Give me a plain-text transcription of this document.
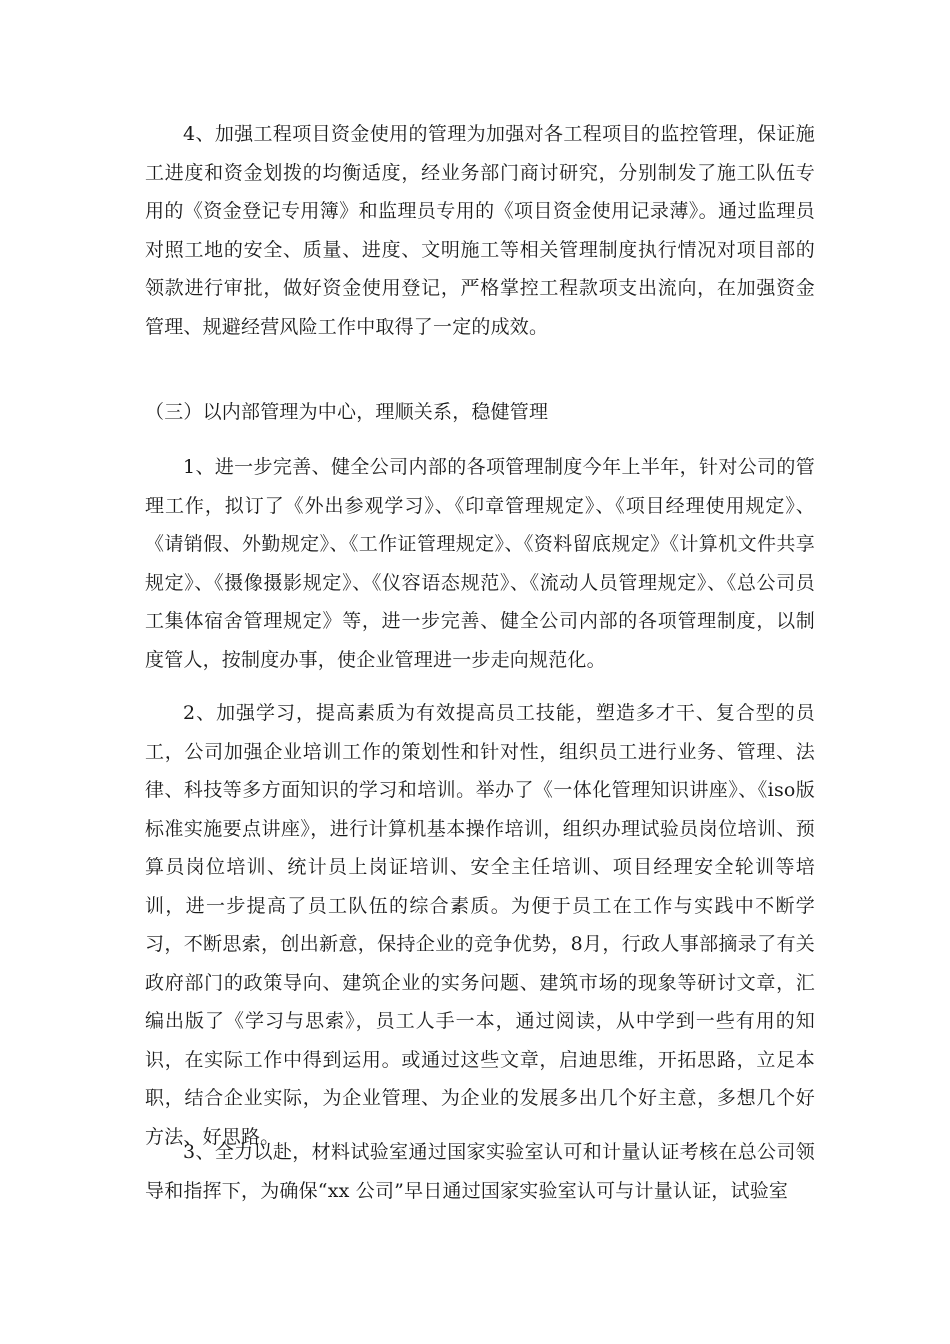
4、加强工程项目资金使用的管理为加强对各工程项目的监控管理，保证施工进度和资金划拨的均衡适度，经业务部门商讨研究，分别制发了施工队伍专用的《资金登记专用簿》和监理员专用的《项目资金使用记录薄》。通过监理员对照工地的安全、质量、进度、文明施工等相关管理制度执行情况对项目部的领款进行审批，做好资金使用登记，严格掌控工程款项支出流向，在加强资金管理、规避经营风险工作中取得了一定的成效。

（三）以内部管理为中心，理顺关系，稳健管理

1、进一步完善、健全公司内部的各项管理制度今年上半年，针对公司的管理工作，拟订了《外出参观学习》、《印章管理规定》、《项目经理使用规定》、《请销假、外勤规定》、《工作证管理规定》、《资料留底规定》《计算机文件共享规定》、《摄像摄影规定》、《仪容语态规范》、《流动人员管理规定》、《总公司员工集体宿舍管理规定》等，进一步完善、健全公司内部的各项管理制度，以制度管人，按制度办事，使企业管理进一步走向规范化。

2、加强学习，提高素质为有效提高员工技能，塑造多才干、复合型的员工，公司加强企业培训工作的策划性和针对性，组织员工进行业务、管理、法律、科技等多方面知识的学习和培训。举办了《一体化管理知识讲座》、《iso版标准实施要点讲座》，进行计算机基本操作培训，组织办理试验员岗位培训、预算员岗位培训、统计员上岗证培训、安全主任培训、项目经理安全轮训等培训，进一步提高了员工队伍的综合素质。为便于员工在工作与实践中不断学习，不断思索，创出新意，保持企业的竞争优势，8月，行政人事部摘录了有关政府部门的政策导向、建筑企业的实务问题、建筑市场的现象等研讨文章，汇编出版了《学习与思索》，员工人手一本，通过阅读，从中学到一些有用的知识，在实际工作中得到运用。或通过这些文章，启迪思维，开拓思路，立足本职，结合企业实际，为企业管理、为企业的发展多出几个好主意，多想几个好方法、好思路。

3、全力以赴，材料试验室通过国家实验室认可和计量认证考核在总公司领导和指挥下，为确保“xx 公司”早日通过国家实验室认可与计量认证，试验室
